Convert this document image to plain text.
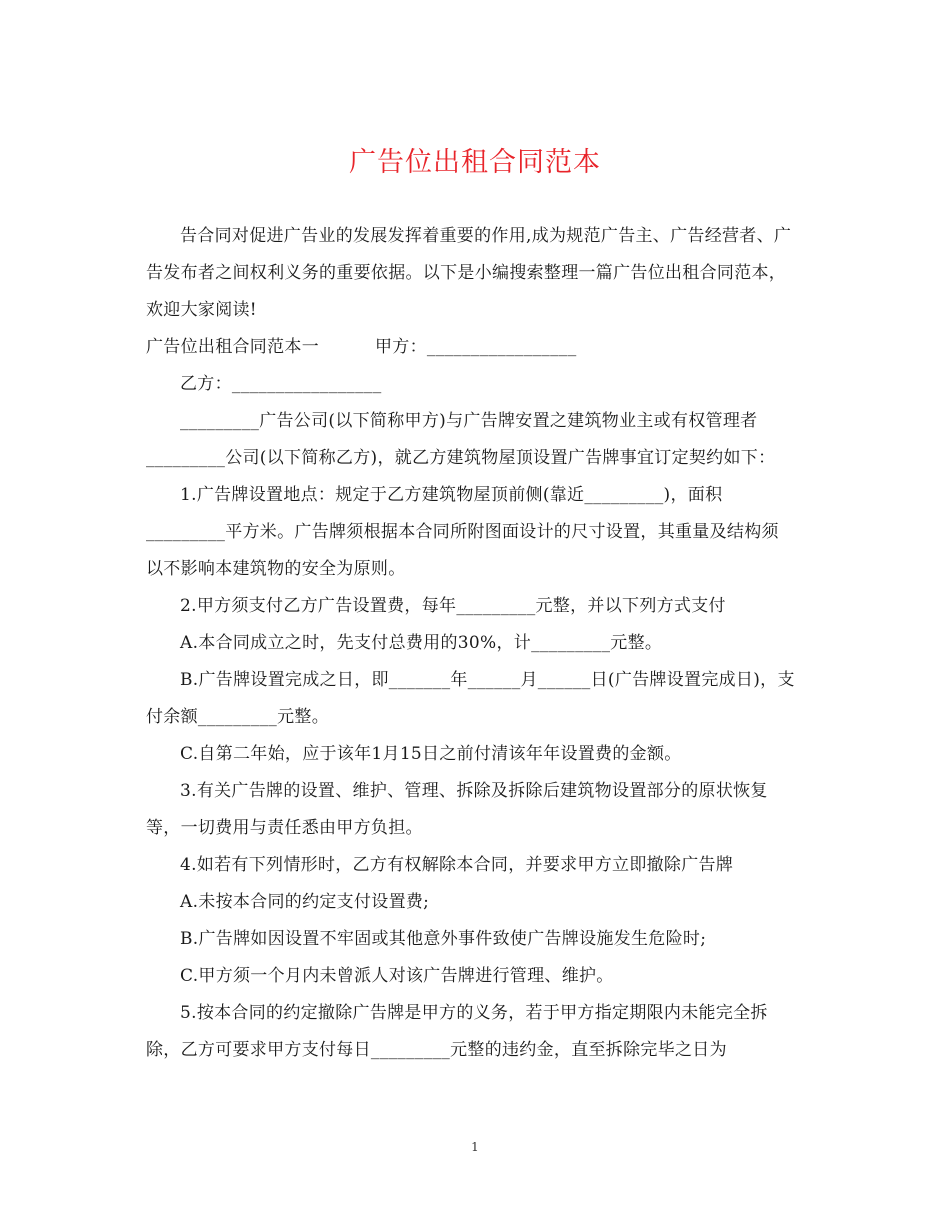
广告位出租合同范本

告合同对促进广告业的发展发挥着重要的作用,成为规范广告主、广告经营者、广告发布者之间权利义务的重要依据。以下是小编搜索整理一篇广告位出租合同范本，欢迎大家阅读!

广告位出租合同范本一	甲方：_________________

乙方：_________________

_________广告公司(以下简称甲方)与广告牌安置之建筑物业主或有权管理者_________公司(以下简称乙方)，就乙方建筑物屋顶设置广告牌事宜订定契约如下：

1.广告牌设置地点：规定于乙方建筑物屋顶前侧(靠近_________)，面积_________平方米。广告牌须根据本合同所附图面设计的尺寸设置，其重量及结构须以不影响本建筑物的安全为原则。

2.甲方须支付乙方广告设置费，每年_________元整，并以下列方式支付

A.本合同成立之时，先支付总费用的30%，计_________元整。

B.广告牌设置完成之日，即_______年______月______日(广告牌设置完成日)，支付余额_________元整。

C.自第二年始，应于该年1月15日之前付清该年年设置费的金额。

3.有关广告牌的设置、维护、管理、拆除及拆除后建筑物设置部分的原状恢复等，一切费用与责任悉由甲方负担。

4.如若有下列情形时，乙方有权解除本合同，并要求甲方立即撤除广告牌

A.未按本合同的约定支付设置费;

B.广告牌如因设置不牢固或其他意外事件致使广告牌设施发生危险时;

C.甲方须一个月内未曾派人对该广告牌进行管理、维护。

5.按本合同的约定撤除广告牌是甲方的义务，若于甲方指定期限内未能完全拆除，乙方可要求甲方支付每日_________元整的违约金，直至拆除完毕之日为

1
